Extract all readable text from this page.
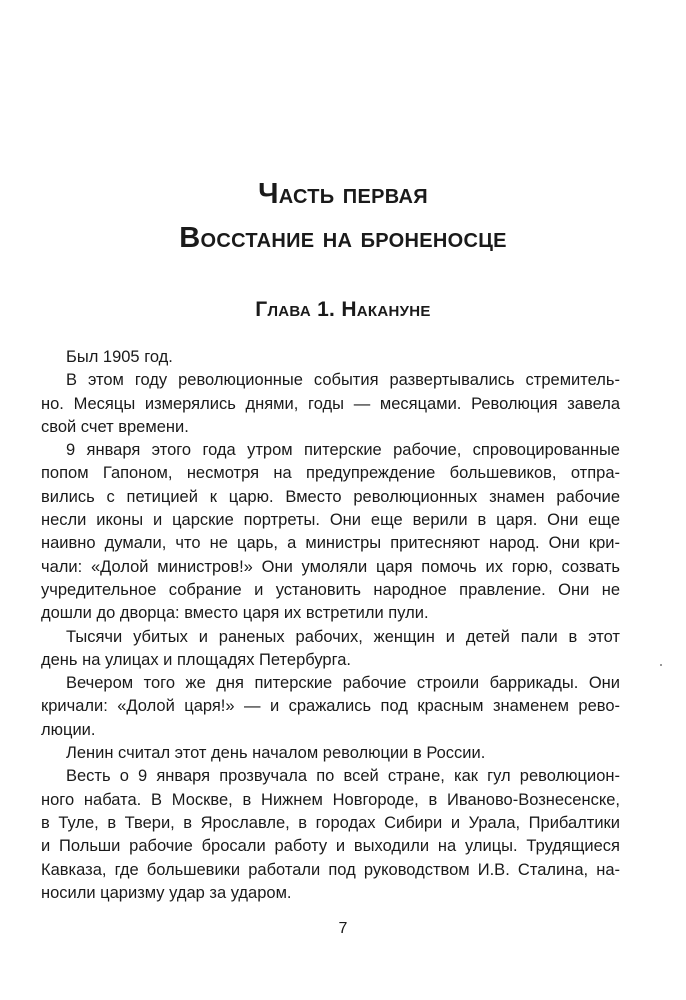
Часть первая
Восстание на броненосце
Глава 1. Накануне
Был 1905 год.
В этом году революционные события развертывались стремитель-
но. Месяцы измерялись днями, годы — месяцами. Революция завела
свой счет времени.
9 января этого года утром питерские рабочие, спровоцированные
попом Гапоном, несмотря на предупреждение большевиков, отпра-
вились с петицией к царю. Вместо революционных знамен рабочие
несли иконы и царские портреты. Они еще верили в царя. Они еще
наивно думали, что не царь, а министры притесняют народ. Они кри-
чали: «Долой министров!» Они умоляли царя помочь их горю, созвать
учредительное собрание и установить народное правление. Они не
дошли до дворца: вместо царя их встретили пули.
Тысячи убитых и раненых рабочих, женщин и детей пали в этот
день на улицах и площадях Петербурга.
Вечером того же дня питерские рабочие строили баррикады. Они
кричали: «Долой царя!» — и сражались под красным знаменем рево-
люции.
Ленин считал этот день началом революции в России.
Весть о 9 января прозвучала по всей стране, как гул революцион-
ного набата. В Москве, в Нижнем Новгороде, в Иваново-Вознесенске,
в Туле, в Твери, в Ярославле, в городах Сибири и Урала, Прибалтики
и Польши рабочие бросали работу и выходили на улицы. Трудящиеся
Кавказа, где большевики работали под руководством И.В. Сталина, на-
носили царизму удар за ударом.
7
